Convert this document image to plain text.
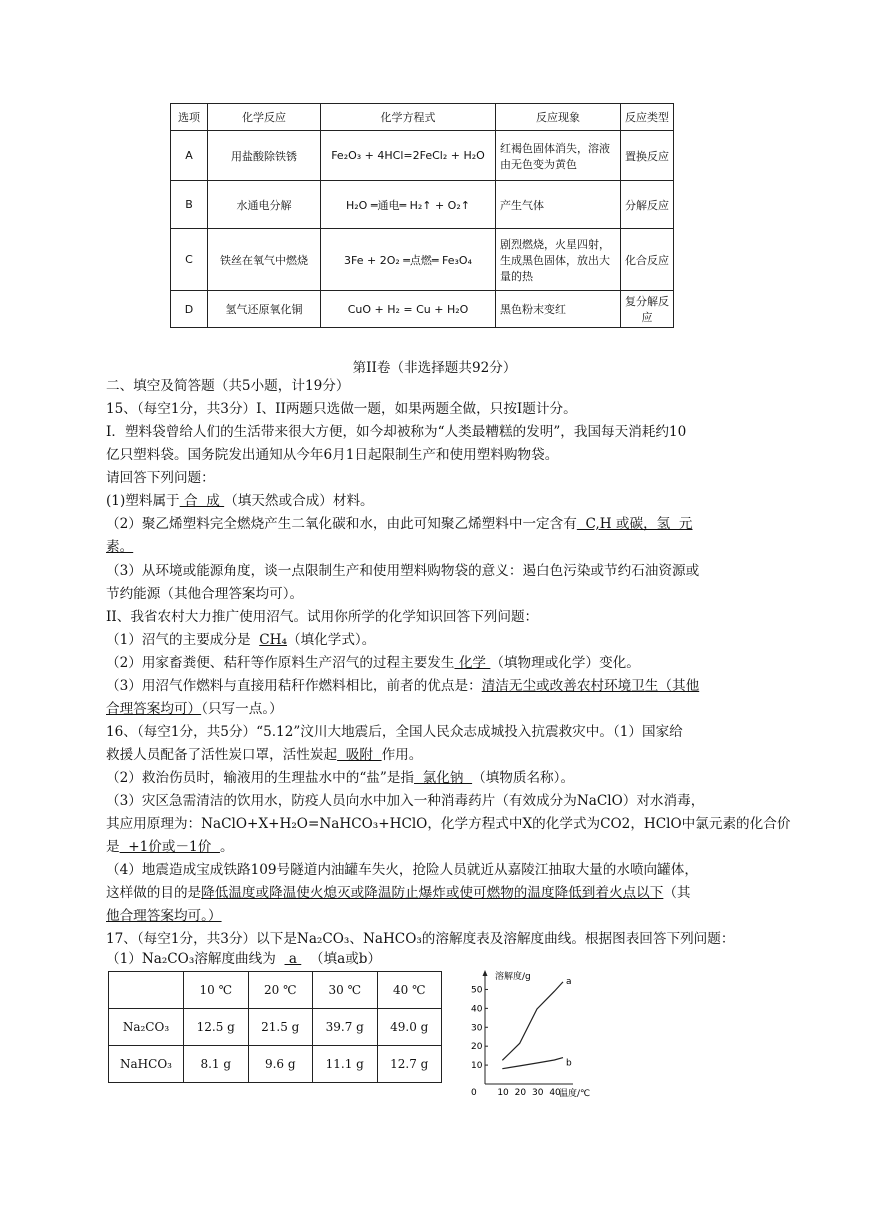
选项	化学反应	化学方程式	反应现象	反应类型
A	用盐酸除铁锈	Fe₂O₃ + 4HCl=2FeCl₂ + H₂O	红褐色固体消失，溶液由无色变为黄色	置换反应
B	水通电分解	H₂O ═通电═ H₂↑ + O₂↑	产生气体	分解反应
C	铁丝在氧气中燃烧	3Fe + 2O₂ ═点燃═ Fe₃O₄	剧烈燃烧，火星四射，生成黑色固体，放出大量的热	化合反应
D	氢气还原氧化铜	CuO + H₂ = Cu + H₂O	黑色粉末变红	复分解反应
第II卷（非选择题共92分）
二、填空及简答题（共5小题，计19分）
15、（每空1分，共3分）I、II两题只选做一题，如果两题全做，只按I题计分。
I．塑料袋曾给人们的生活带来很大方便，如今却被称为“人类最糟糕的发明”，我国每天消耗约10
亿只塑料袋。国务院发出通知从今年6月1日起限制生产和使用塑料购物袋。
请回答下列问题：
(1)塑料属于 合  成 （填天然或合成）材料。
（2）聚乙烯塑料完全燃烧产生二氧化碳和水，由此可知聚乙烯塑料中一定含有  C,H 或碳，氢  元
素。
（3）从环境或能源角度，谈一点限制生产和使用塑料购物袋的意义：遏白色污染或节约石油资源或
节约能源（其他合理答案均可）。
II、我省农村大力推广使用沼气。试用你所学的化学知识回答下列问题：
（1）沼气的主要成分是 CH₄（填化学式）。
（2）用家畜粪便、秸秆等作原料生产沼气的过程主要发生 化学 （填物理或化学）变化。
（3）用沼气作燃料与直接用秸秆作燃料相比，前者的优点是：清洁无尘或改善农村环境卫生（其他
合理答案均可）（只写一点。）
16、（每空1分，共5分）“5.12”汶川大地震后，全国人民众志成城投入抗震救灾中。（1）国家给
救援人员配备了活性炭口罩，活性炭起  吸附  作用。
（2）救治伤员时，输液用的生理盐水中的“盐”是指  氯化钠  （填物质名称）。
（3）灾区急需清洁的饮用水，防疫人员向水中加入一种消毒药片（有效成分为NaClO）对水消毒，
其应用原理为：NaClO+X+H₂O=NaHCO₃+HClO，化学方程式中X的化学式为CO2，HClO中氯元素的化合价
是  +1价或－1价  。
（4）地震造成宝成铁路109号隧道内油罐车失火，抢险人员就近从嘉陵江抽取大量的水喷向罐体，
这样做的目的是降低温度或降温使火熄灭或降温防止爆炸或使可燃物的温度降低到着火点以下（其
他合理答案均可。）
17、（每空1分，共3分）以下是Na₂CO₃、NaHCO₃的溶解度表及溶解度曲线。根据图表回答下列问题：
（1）Na₂CO₃溶解度曲线为   a   （填a或b）
	10 ℃	20 ℃	30 ℃	40 ℃
Na₂CO₃	12.5 g	21.5 g	39.7 g	49.0 g
NaHCO₃	8.1 g	9.6 g	11.1 g	12.7 g
溶解度/g
温度/℃
0 10 20 30 40
10
20
30
40
50
a
b
